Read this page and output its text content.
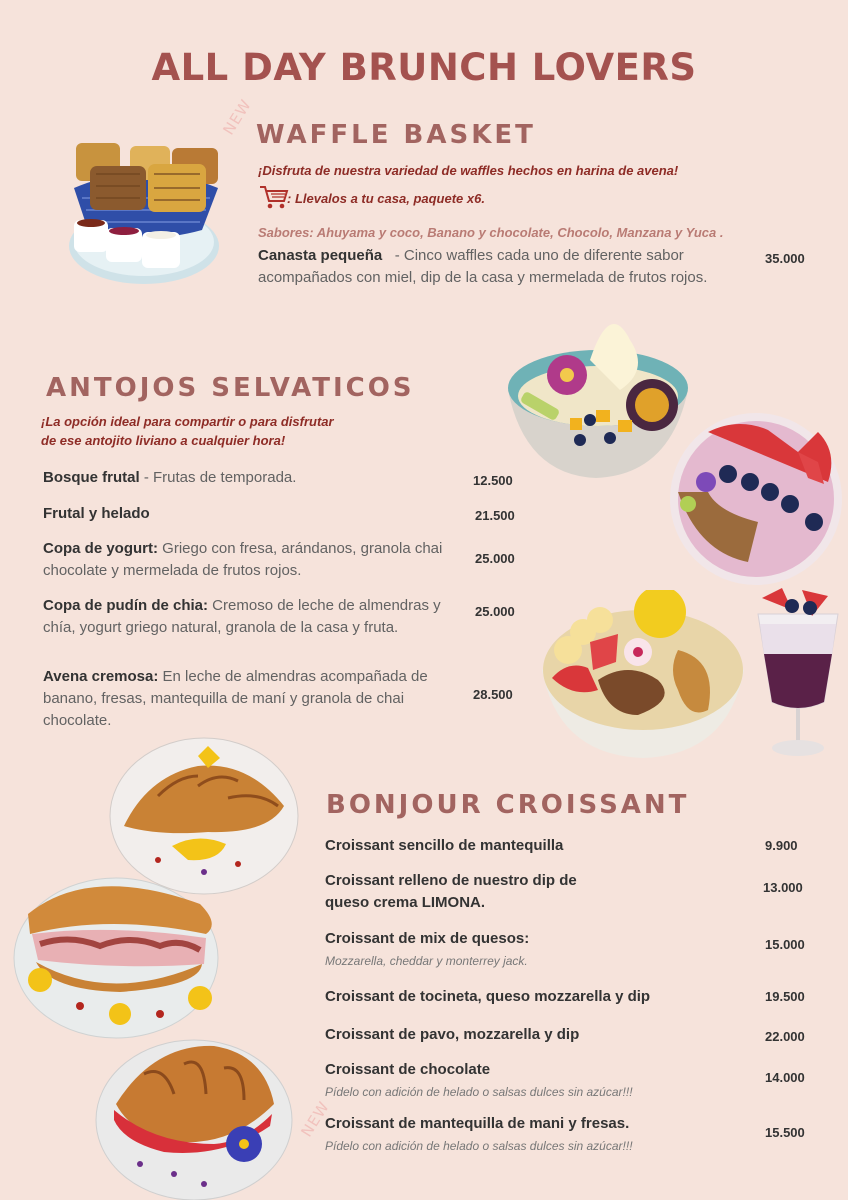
ALL DAY BRUNCH LOVERS
NEW WAFFLE BASKET
¡Disfruta de nuestra variedad de waffles hechos en harina de avena!
: Llevalos a tu casa, paquete x6.
Sabores: Ahuyama y coco, Banano y chocolate, Chocolo, Manzana y Yuca .
Canasta pequeña   - Cinco waffles cada uno de diferente sabor
acompañados con miel, dip de la casa y mermelada de frutos rojos.
35.000
ANTOJOS SELVATICOS
¡La opción ideal para compartir o para disfrutar
de ese antojito liviano a cualquier hora!
Bosque frutal - Frutas de temporada.	12.500
Frutal y helado	21.500
Copa de yogurt: Griego con fresa, arándanos, granola chai chocolate y mermelada de frutos rojos.
25.000
Copa de pudín de chia: Cremoso de leche de almendras y chía, yogurt griego natural, granola de la casa y fruta.
25.000
Avena cremosa: En leche de almendras acompañada de banano, fresas, mantequilla de maní y granola de chai chocolate.
28.500
NEW
BONJOUR CROISSANT
Croissant sencillo de mantequilla	9.900
Croissant relleno de nuestro dip de
queso crema LIMONA.
13.000
Croissant de mix de quesos:
Mozzarella, cheddar y monterrey jack.
15.000
Croissant de tocineta, queso mozzarella y dip	19.500
Croissant de pavo, mozzarella y dip	22.000
Croissant de chocolate
Pídelo con adición de helado o salsas dulces sin azúcar!!!
14.000
Croissant de mantequilla de mani y fresas.
Pídelo con adición de helado o salsas dulces sin azúcar!!!
15.500
